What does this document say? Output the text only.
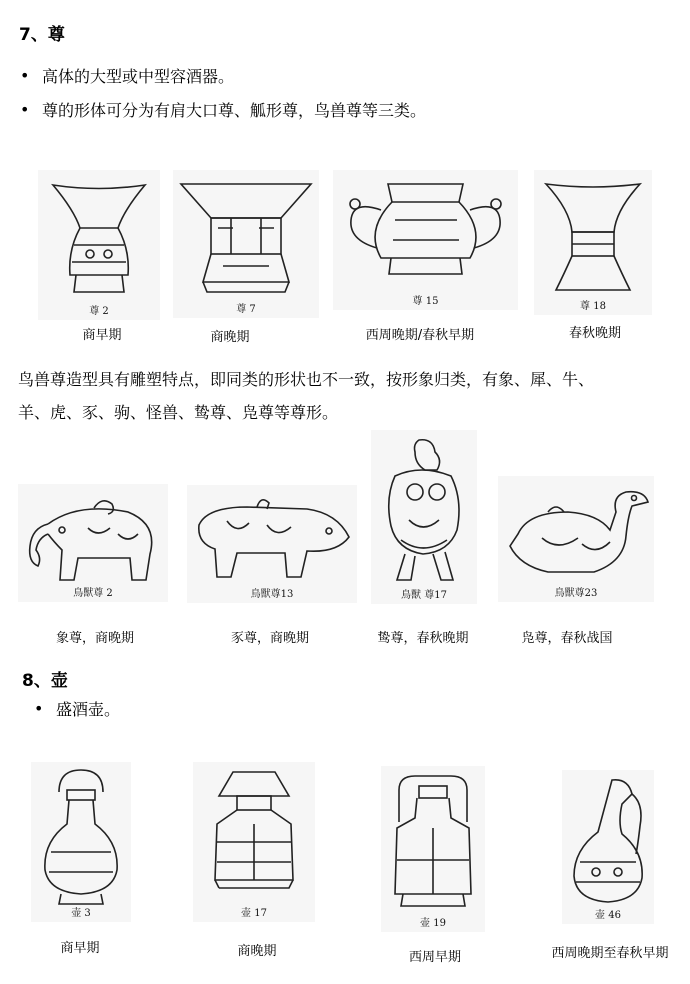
7、尊
• 高体的大型或中型容酒器。
• 尊的形体可分为有肩大口尊、觚形尊，鸟兽尊等三类。
尊 2	尊 7
尊 15	尊 18
商早期	商晚期	西周晚期/春秋早期	春秋晚期
鸟兽尊造型具有雕塑特点，即同类的形状也不一致，按形象归类，有象、犀、牛、
羊、虎、豕、驹、怪兽、鸷尊、凫尊等尊形。
鳥獸尊 2	鳥獸尊13	鳥獸 尊17	鳥獸尊23
象尊，商晚期	豕尊，商晚期	鸷尊，春秋晚期	凫尊，春秋战国
8、壶
• 盛酒壶。
壶 3	壶 17
壶 19
壶 46
商早期	商晚期	西周早期	西周晚期至春秋早期
